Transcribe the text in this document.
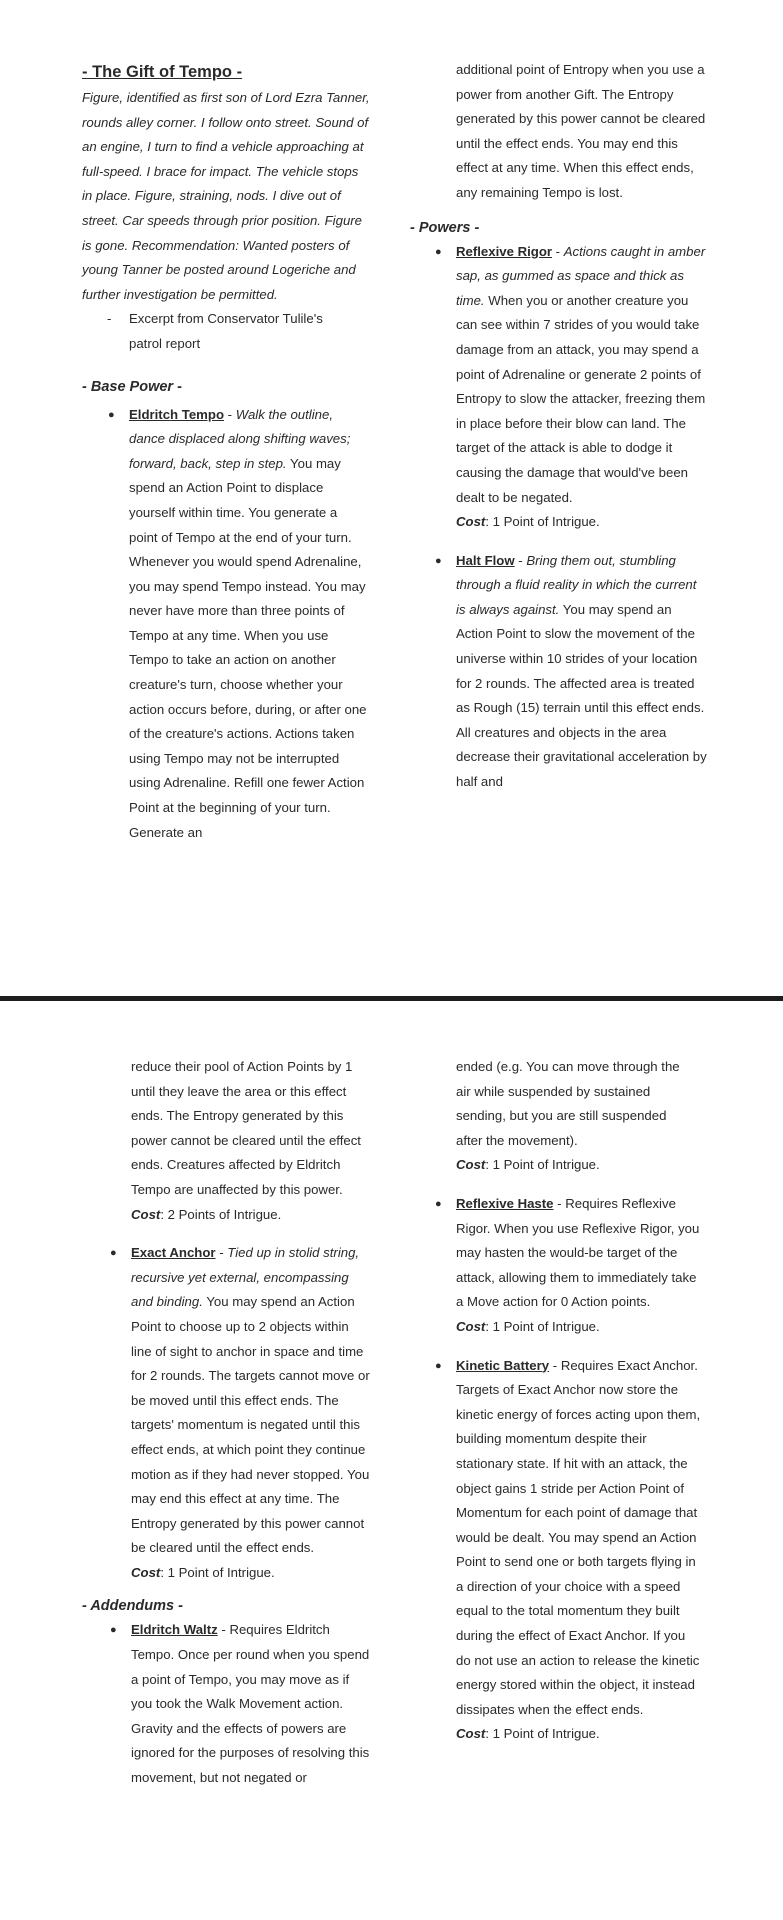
- The Gift of Tempo -

Figure, identified as first son of Lord Ezra Tanner, rounds alley corner. I follow onto street. Sound of an engine, I turn to find a vehicle approaching at full-speed. I brace for impact. The vehicle stops in place. Figure, straining, nods. I dive out of street. Car speeds through prior position. Figure is gone. Recommendation: Wanted posters of young Tanner be posted around Logeriche and further investigation be permitted.

- Excerpt from Conservator Tulile's patrol report
- Base Power -
● Eldritch Tempo - Walk the outline, dance displaced along shifting waves; forward, back, step in step. You may spend an Action Point to displace yourself within time. You generate a point of Tempo at the end of your turn. Whenever you would spend Adrenaline, you may spend Tempo instead. You may never have more than three points of Tempo at any time. When you use Tempo to take an action on another creature's turn, choose whether your action occurs before, during, or after one of the creature's actions. Actions taken using Tempo may not be interrupted using Adrenaline. Refill one fewer Action Point at the beginning of your turn. Generate an

additional point of Entropy when you use a power from another Gift. The Entropy generated by this power cannot be cleared until the effect ends. You may end this effect at any time. When this effect ends, any remaining Tempo is lost.

- Powers -
● Reflexive Rigor - Actions caught in amber sap, as gummed as space and thick as time. When you or another creature you can see within 7 strides of you would take damage from an attack, you may spend a point of Adrenaline or generate 2 points of Entropy to slow the attacker, freezing them in place before their blow can land. The target of the attack is able to dodge it causing the damage that would've been dealt to be negated.
Cost: 1 Point of Intrigue.
● Halt Flow - Bring them out, stumbling through a fluid reality in which the current is always against. You may spend an Action Point to slow the movement of the universe within 10 strides of your location for 2 rounds. The affected area is treated as Rough (15) terrain until this effect ends. All creatures and objects in the area decrease their gravitational acceleration by half and

reduce their pool of Action Points by 1 until they leave the area or this effect ends. The Entropy generated by this power cannot be cleared until the effect ends. Creatures affected by Eldritch Tempo are unaffected by this power.

Cost: 2 Points of Intrigue.
● Exact Anchor - Tied up in stolid string, recursive yet external, encompassing and binding. You may spend an Action Point to choose up to 2 objects within line of sight to anchor in space and time for 2 rounds. The targets cannot move or be moved until this effect ends. The targets' momentum is negated until this effect ends, at which point they continue motion as if they had never stopped. You may end this effect at any time. The Entropy generated by this power cannot be cleared until the effect ends.
Cost: 1 Point of Intrigue.
- Addendums -
● Eldritch Waltz - Requires Eldritch Tempo. Once per round when you spend a point of Tempo, you may move as if you took the Walk Movement action. Gravity and the effects of powers are ignored for the purposes of resolving this movement, but not negated or

ended (e.g. You can move through the air while suspended by sustained sending, but you are still suspended after the movement).

Cost: 1 Point of Intrigue.
● Reflexive Haste - Requires Reflexive Rigor. When you use Reflexive Rigor, you may hasten the would-be target of the attack, allowing them to immediately take a Move action for 0 Action points.
Cost: 1 Point of Intrigue.
● Kinetic Battery - Requires Exact Anchor. Targets of Exact Anchor now store the kinetic energy of forces acting upon them, building momentum despite their stationary state. If hit with an attack, the object gains 1 stride per Action Point of Momentum for each point of damage that would be dealt. You may spend an Action Point to send one or both targets flying in a direction of your choice with a speed equal to the total momentum they built during the effect of Exact Anchor. If you do not use an action to release the kinetic energy stored within the object, it instead dissipates when the effect ends.
Cost: 1 Point of Intrigue.
